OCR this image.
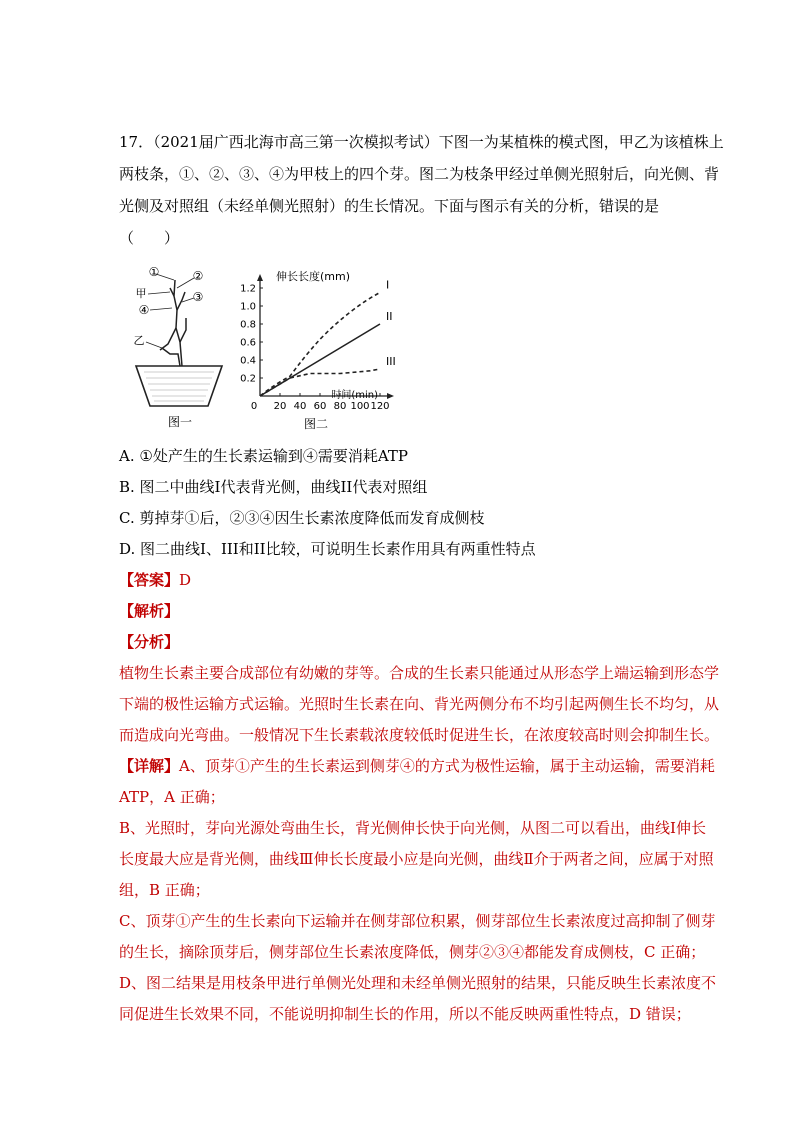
17．（2021届广西北海市高三第一次模拟考试）下图一为某植株的模式图，甲乙为该植株上
两枝条，①、②、③、④为甲枝上的四个芽。图二为枝条甲经过单侧光照射后，向光侧、背
光侧及对照组（未经单侧光照射）的生长情况。下面与图示有关的分析，错误的是
（　　）
①	②
③
④
甲
乙
图一
0.2
0.4
0.6
0.8
1.0
1.2
0 20 40 60 80 100 120
I
II
III
伸长长度(mm)
时间(min)
图二
A. ①处产生的生长素运输到④需要消耗ATP
B. 图二中曲线I代表背光侧，曲线II代表对照组
C. 剪掉芽①后，②③④因生长素浓度降低而发育成侧枝
D. 图二曲线I、III和II比较，可说明生长素作用具有两重性特点
【答案】D
【解析】
【分析】
植物生长素主要合成部位有幼嫩的芽等。合成的生长素只能通过从形态学上端运输到形态学
下端的极性运输方式运输。光照时生长素在向、背光两侧分布不均引起两侧生长不均匀，从
而造成向光弯曲。一般情况下生长素载浓度较低时促进生长，在浓度较高时则会抑制生长。
【详解】A、顶芽①产生的生长素运到侧芽④的方式为极性运输，属于主动运输，需要消耗
ATP，A 正确；
B、光照时，芽向光源处弯曲生长，背光侧伸长快于向光侧，从图二可以看出，曲线Ⅰ伸长
长度最大应是背光侧，曲线Ⅲ伸长长度最小应是向光侧，曲线Ⅱ介于两者之间，应属于对照
组，B 正确；
C、顶芽①产生的生长素向下运输并在侧芽部位积累，侧芽部位生长素浓度过高抑制了侧芽
的生长，摘除顶芽后，侧芽部位生长素浓度降低，侧芽②③④都能发育成侧枝，C 正确；
D、图二结果是用枝条甲进行单侧光处理和未经单侧光照射的结果，只能反映生长素浓度不
同促进生长效果不同，不能说明抑制生长的作用，所以不能反映两重性特点，D 错误；
